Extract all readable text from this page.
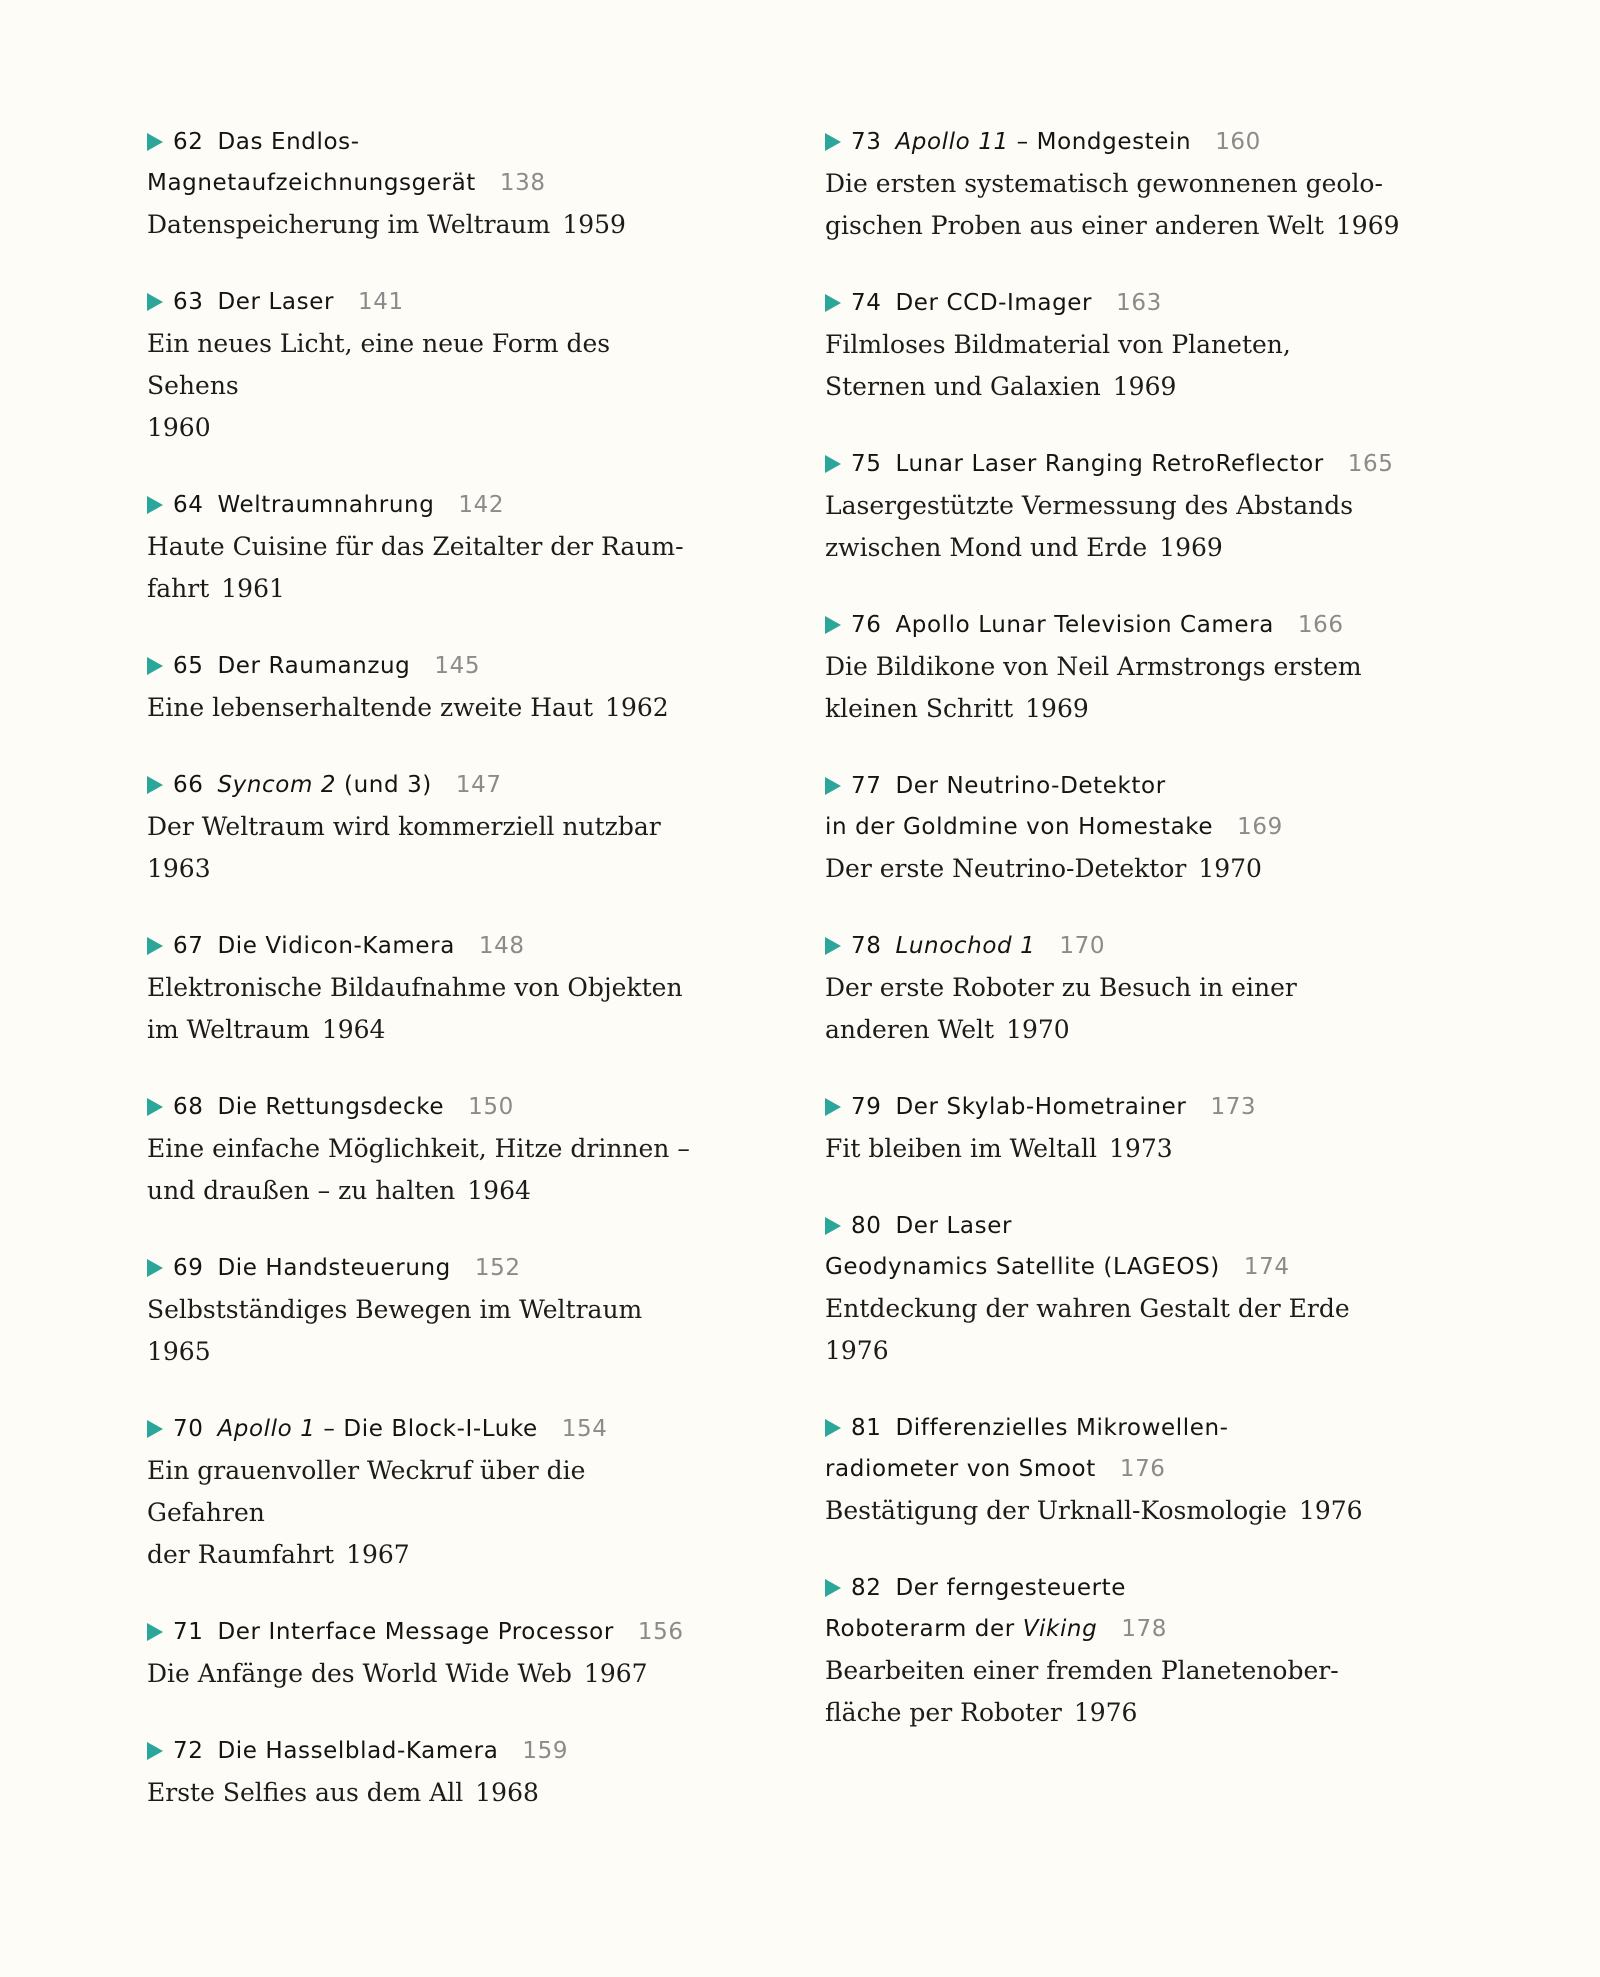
62 Das Endlos-
Magnetaufzeichnungsgerät 138
Datenspeicherung im Weltraum 1959
63 Der Laser 141
Ein neues Licht, eine neue Form des Sehens
1960
64 Weltraumnahrung 142
Haute Cuisine für das Zeitalter der Raum-
fahrt 1961
65 Der Raumanzug 145
Eine lebenserhaltende zweite Haut 1962
66 Syncom 2 (und 3) 147
Der Weltraum wird kommerziell nutzbar
1963
67 Die Vidicon-Kamera 148
Elektronische Bildaufnahme von Objekten
im Weltraum 1964
68 Die Rettungsdecke 150
Eine einfache Möglichkeit, Hitze drinnen –
und draußen – zu halten 1964
69 Die Handsteuerung 152
Selbstständiges Bewegen im Weltraum
1965
70 Apollo 1 – Die Block-I-Luke 154
Ein grauenvoller Weckruf über die Gefahren
der Raumfahrt 1967
71 Der Interface Message Processor 156
Die Anfänge des World Wide Web 1967
72 Die Hasselblad-Kamera 159
Erste Selfies aus dem All 1968
73 Apollo 11 – Mondgestein 160
Die ersten systematisch gewonnenen geolo-
gischen Proben aus einer anderen Welt 1969
74 Der CCD-Imager 163
Filmloses Bildmaterial von Planeten,
Sternen und Galaxien 1969
75 Lunar Laser Ranging RetroReflector 165
Lasergestützte Vermessung des Abstands
zwischen Mond und Erde 1969
76 Apollo Lunar Television Camera 166
Die Bildikone von Neil Armstrongs erstem
kleinen Schritt 1969
77 Der Neutrino-Detektor
in der Goldmine von Homestake 169
Der erste Neutrino-Detektor 1970
78 Lunochod 1 170
Der erste Roboter zu Besuch in einer
anderen Welt 1970
79 Der Skylab-Hometrainer 173
Fit bleiben im Weltall 1973
80 Der Laser
Geodynamics Satellite (LAGEOS) 174
Entdeckung der wahren Gestalt der Erde
1976
81 Differenzielles Mikrowellen-
radiometer von Smoot 176
Bestätigung der Urknall-Kosmologie 1976
82 Der ferngesteuerte
Roboterarm der Viking 178
Bearbeiten einer fremden Planetenober-
fläche per Roboter 1976
